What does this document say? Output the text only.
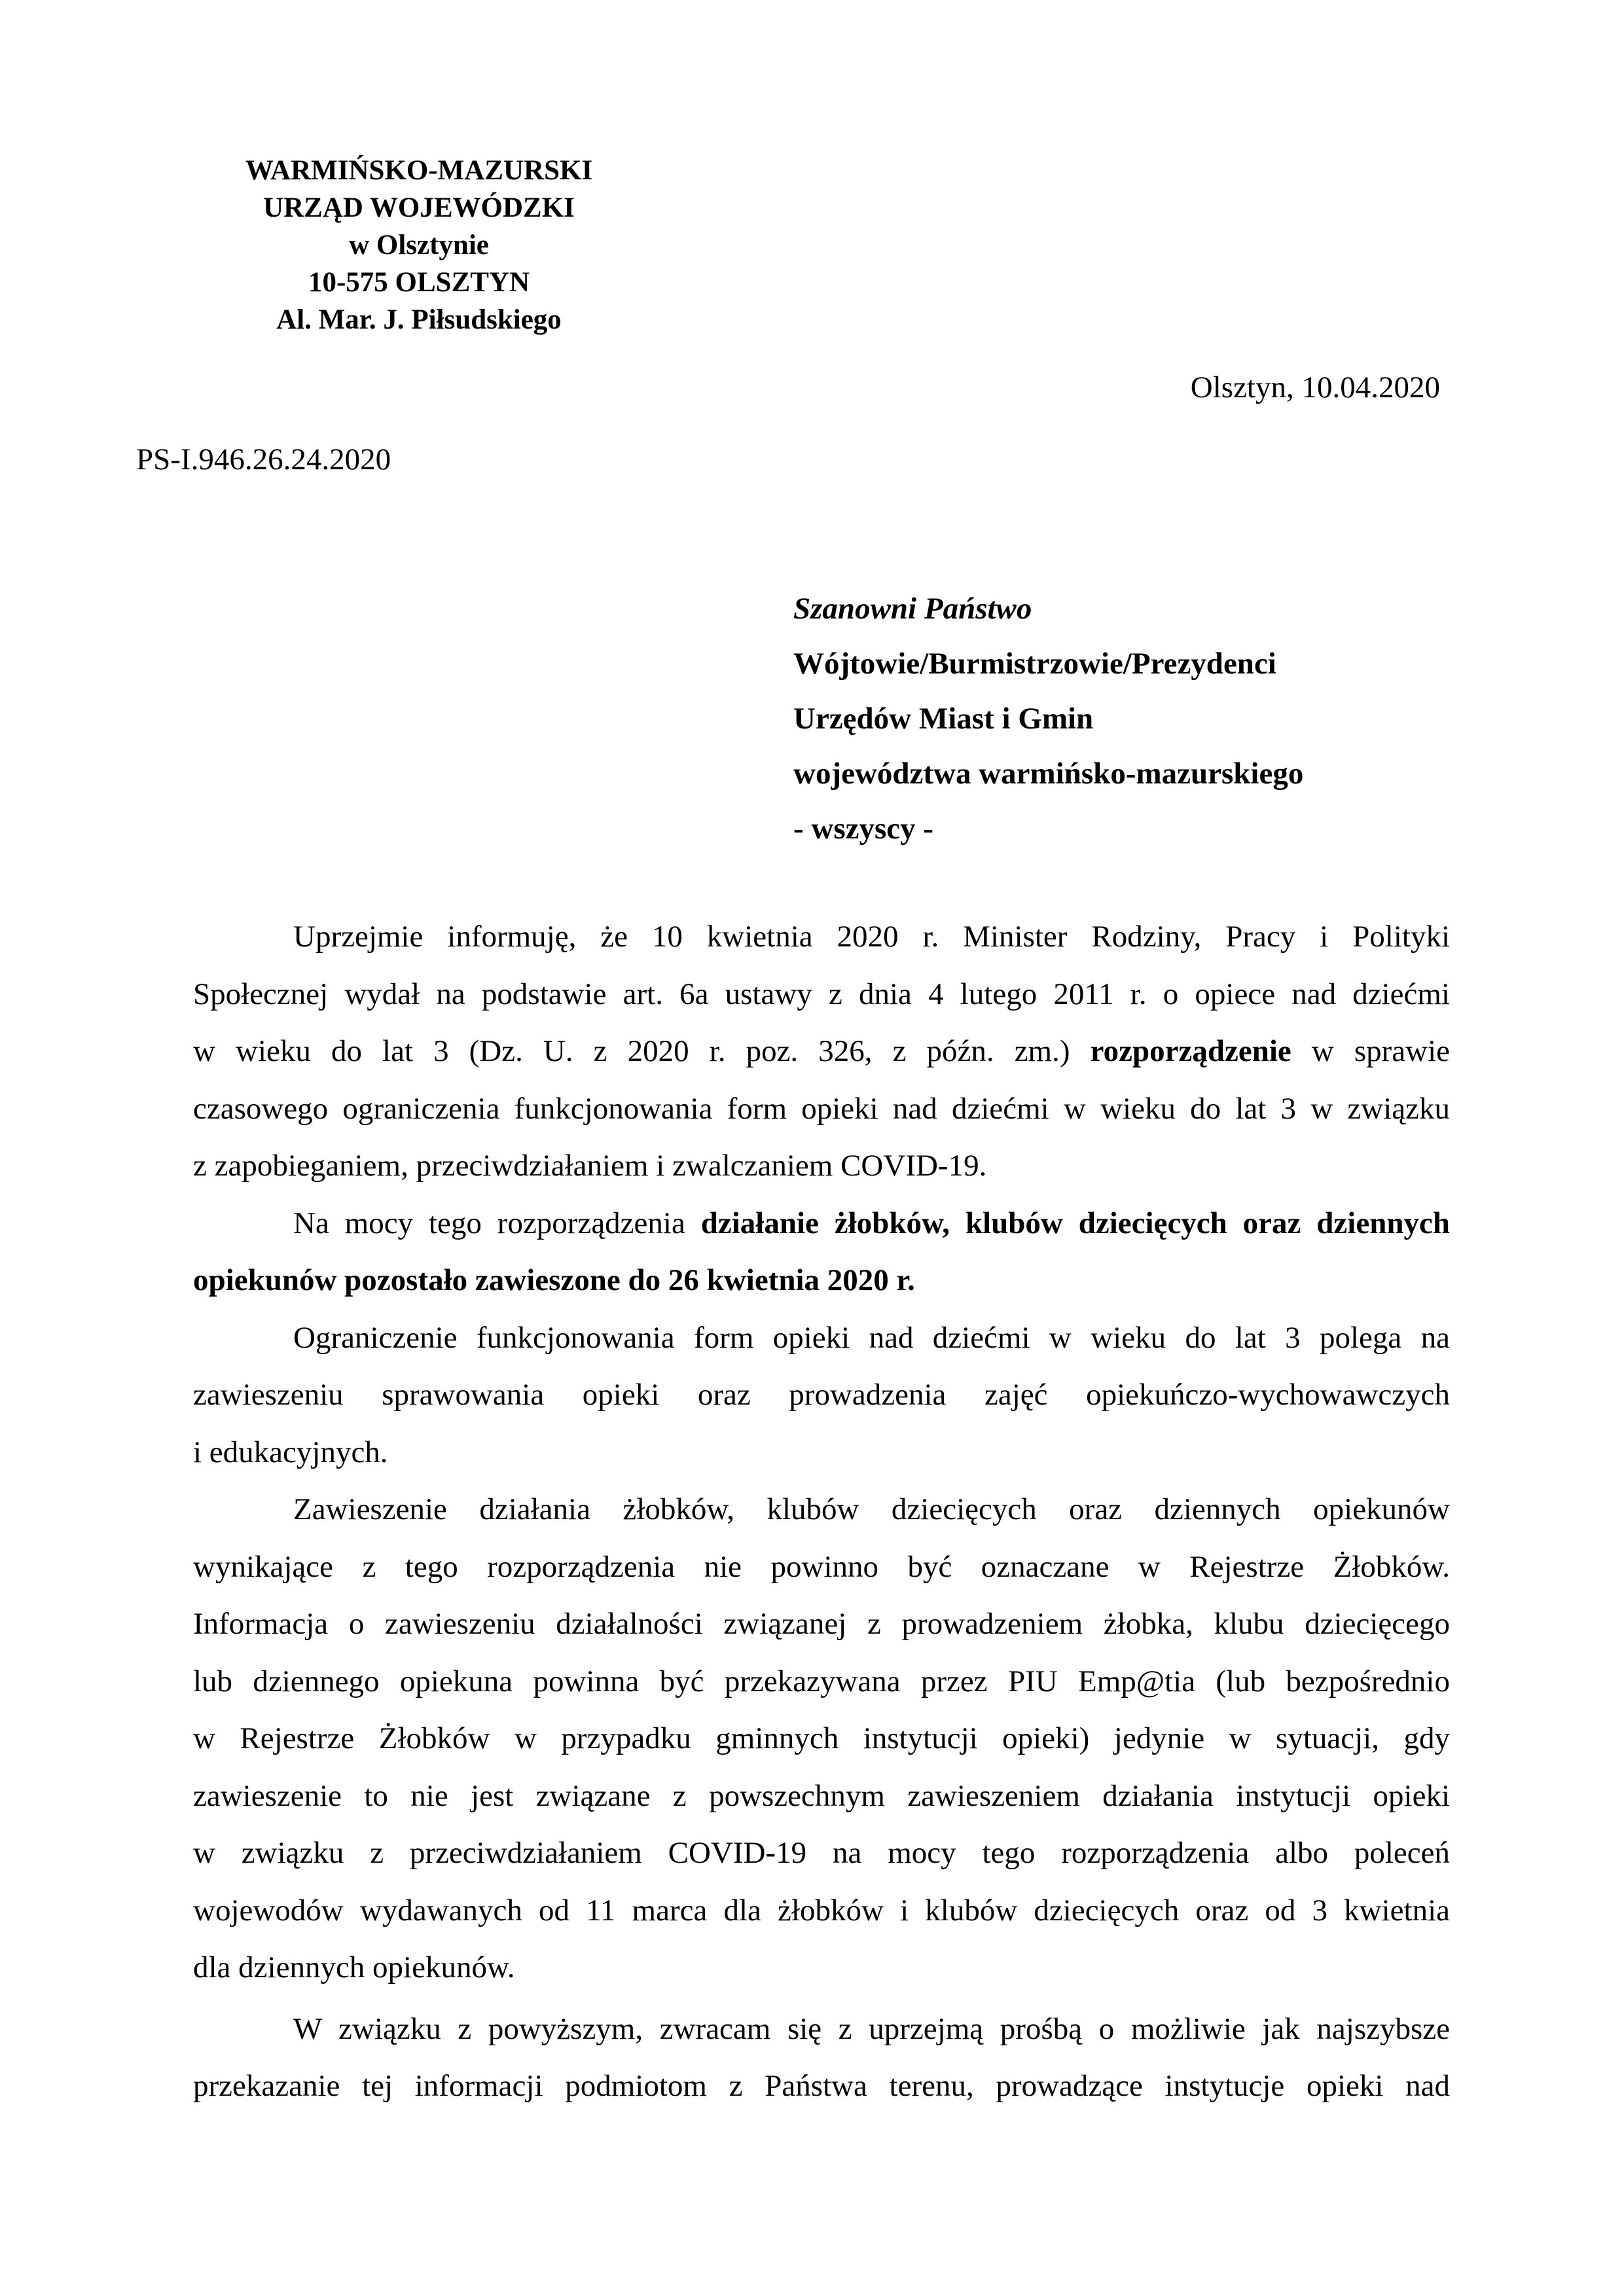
WARMIŃSKO-MAZURSKI
URZĄD WOJEWÓDZKI
w Olsztynie
10-575 OLSZTYN
Al. Mar. J. Piłsudskiego
Olsztyn, 10.04.2020
PS-I.946.26.24.2020
Szanowni Państwo
Wójtowie/Burmistrzowie/Prezydenci
Urzędów Miast i Gmin
województwa warmińsko-mazurskiego
- wszyscy -
Uprzejmie informuję, że 10 kwietnia 2020 r. Minister Rodziny, Pracy i Polityki
Społecznej wydał na podstawie art. 6a ustawy z dnia 4 lutego 2011 r. o opiece nad dziećmi
w wieku do lat 3 (Dz. U. z 2020 r. poz. 326, z późn. zm.) rozporządzenie w sprawie
czasowego ograniczenia funkcjonowania form opieki nad dziećmi w wieku do lat 3 w związku
z zapobieganiem, przeciwdziałaniem i zwalczaniem COVID-19.
Na mocy tego rozporządzenia działanie żłobków, klubów dziecięcych oraz dziennych
opiekunów pozostało zawieszone do 26 kwietnia 2020 r.
Ograniczenie funkcjonowania form opieki nad dziećmi w wieku do lat 3 polega na
zawieszeniu sprawowania opieki oraz prowadzenia zajęć opiekuńczo-wychowawczych
i edukacyjnych.
Zawieszenie działania żłobków, klubów dziecięcych oraz dziennych opiekunów
wynikające z tego rozporządzenia nie powinno być oznaczane w Rejestrze Żłobków.
Informacja o zawieszeniu działalności związanej z prowadzeniem żłobka, klubu dziecięcego
lub dziennego opiekuna powinna być przekazywana przez PIU Emp@tia (lub bezpośrednio
w Rejestrze Żłobków w przypadku gminnych instytucji opieki) jedynie w sytuacji, gdy
zawieszenie to nie jest związane z powszechnym zawieszeniem działania instytucji opieki
w związku z przeciwdziałaniem COVID-19 na mocy tego rozporządzenia albo poleceń
wojewodów wydawanych od 11 marca dla żłobków i klubów dziecięcych oraz od 3 kwietnia
dla dziennych opiekunów.
W związku z powyższym, zwracam się z uprzejmą prośbą o możliwie jak najszybsze
przekazanie tej informacji podmiotom z Państwa terenu, prowadzące instytucje opieki nad
